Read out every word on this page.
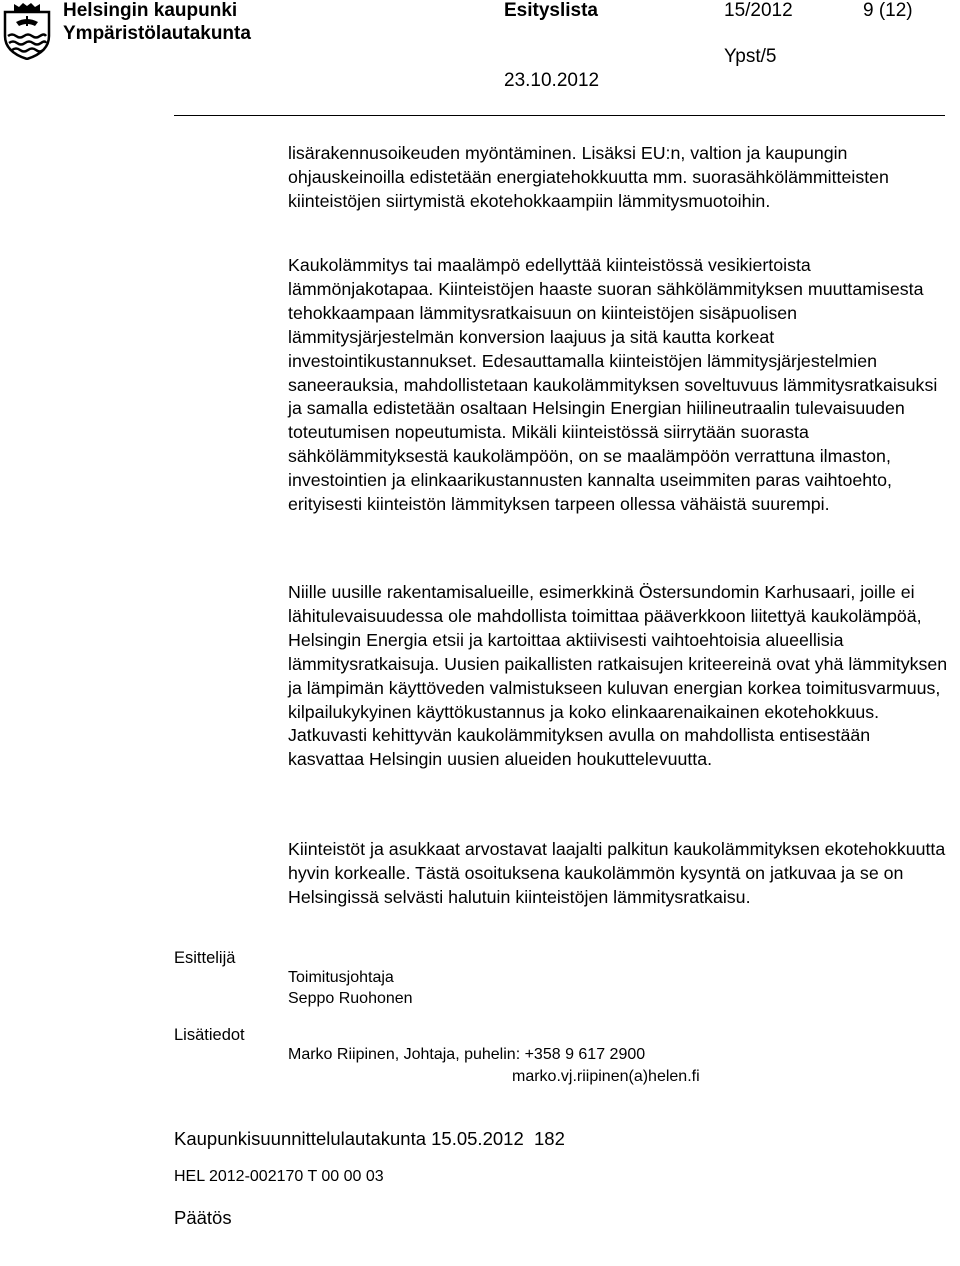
Helsingin kaupunki
Ympäristölautakunta
Esityslista	15/2012	9 (12)
Ypst/5
23.10.2012

lisärakennusoikeuden myöntäminen. Lisäksi EU:n, valtion ja kaupungin ohjauskeinoilla edistetään energiatehokkuutta mm. suorasähkölämmitteisten kiinteistöjen siirtymistä ekotehokkaampiin lämmitysmuotoihin.

Kaukolämmitys tai maalämpö edellyttää kiinteistössä vesikiertoista lämmönjakotapaa. Kiinteistöjen haaste suoran sähkölämmityksen muuttamisesta tehokkaampaan lämmitysratkaisuun on kiinteistöjen sisäpuolisen lämmitysjärjestelmän konversion laajuus ja sitä kautta korkeat investointikustannukset. Edesauttamalla kiinteistöjen lämmitysjärjestelmien saneerauksia, mahdollistetaan kaukolämmityksen soveltuvuus lämmitysratkaisuksi ja samalla edistetään osaltaan Helsingin Energian hiilineutraalin tulevaisuuden toteutumisen nopeutumista. Mikäli kiinteistössä siirrytään suorasta sähkölämmityksestä kaukolämpöön, on se maalämpöön verrattuna ilmaston, investointien ja elinkaarikustannusten kannalta useimmiten paras vaihtoehto, erityisesti kiinteistön lämmityksen tarpeen ollessa vähäistä suurempi.

Niille uusille rakentamisalueille, esimerkkinä Östersundomin Karhusaari, joille ei lähitulevaisuudessa ole mahdollista toimittaa pääverkkoon liitettyä kaukolämpöä, Helsingin Energia etsii ja kartoittaa aktiivisesti vaihtoehtoisia alueellisia lämmitysratkaisuja. Uusien paikallisten ratkaisujen kriteereinä ovat yhä lämmityksen ja lämpimän käyttöveden valmistukseen kuluvan energian korkea toimitusvarmuus, kilpailukykyinen käyttökustannus ja koko elinkaarenaikainen ekotehokkuus. Jatkuvasti kehittyvän kaukolämmityksen avulla on mahdollista entisestään kasvattaa Helsingin uusien alueiden houkuttelevuutta.

Kiinteistöt ja asukkaat arvostavat laajalti palkitun kaukolämmityksen ekotehokkuutta hyvin korkealle. Tästä osoituksena kaukolämmön kysyntä on jatkuvaa ja se on Helsingissä selvästi halutuin kiinteistöjen lämmitysratkaisu.

Esittelijä
Toimitusjohtaja
Seppo Ruohonen
Lisätiedot
Marko Riipinen, Johtaja, puhelin: +358 9 617 2900
marko.vj.riipinen(a)helen.fi
Kaupunkisuunnittelulautakunta 15.05.2012  182
HEL 2012-002170 T 00 00 03
Päätös
